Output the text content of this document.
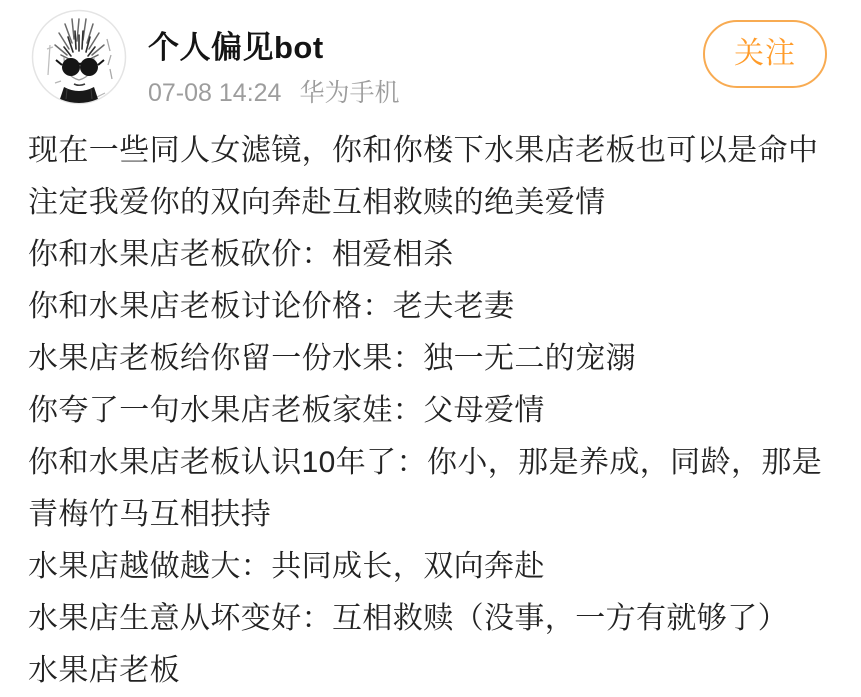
个人偏见bot
07-08 14:24 华为手机
关注
现在一些同人女滤镜，你和你楼下水果店老板也可以是命中
注定我爱你的双向奔赴互相救赎的绝美爱情
你和水果店老板砍价：相爱相杀
你和水果店老板讨论价格：老夫老妻
水果店老板给你留一份水果：独一无二的宠溺
你夸了一句水果店老板家娃：父母爱情
你和水果店老板认识10年了：你小，那是养成，同龄，那是
青梅竹马互相扶持
水果店越做越大：共同成长，双向奔赴
水果店生意从坏变好：互相救赎（没事，一方有就够了）
水果店老板
